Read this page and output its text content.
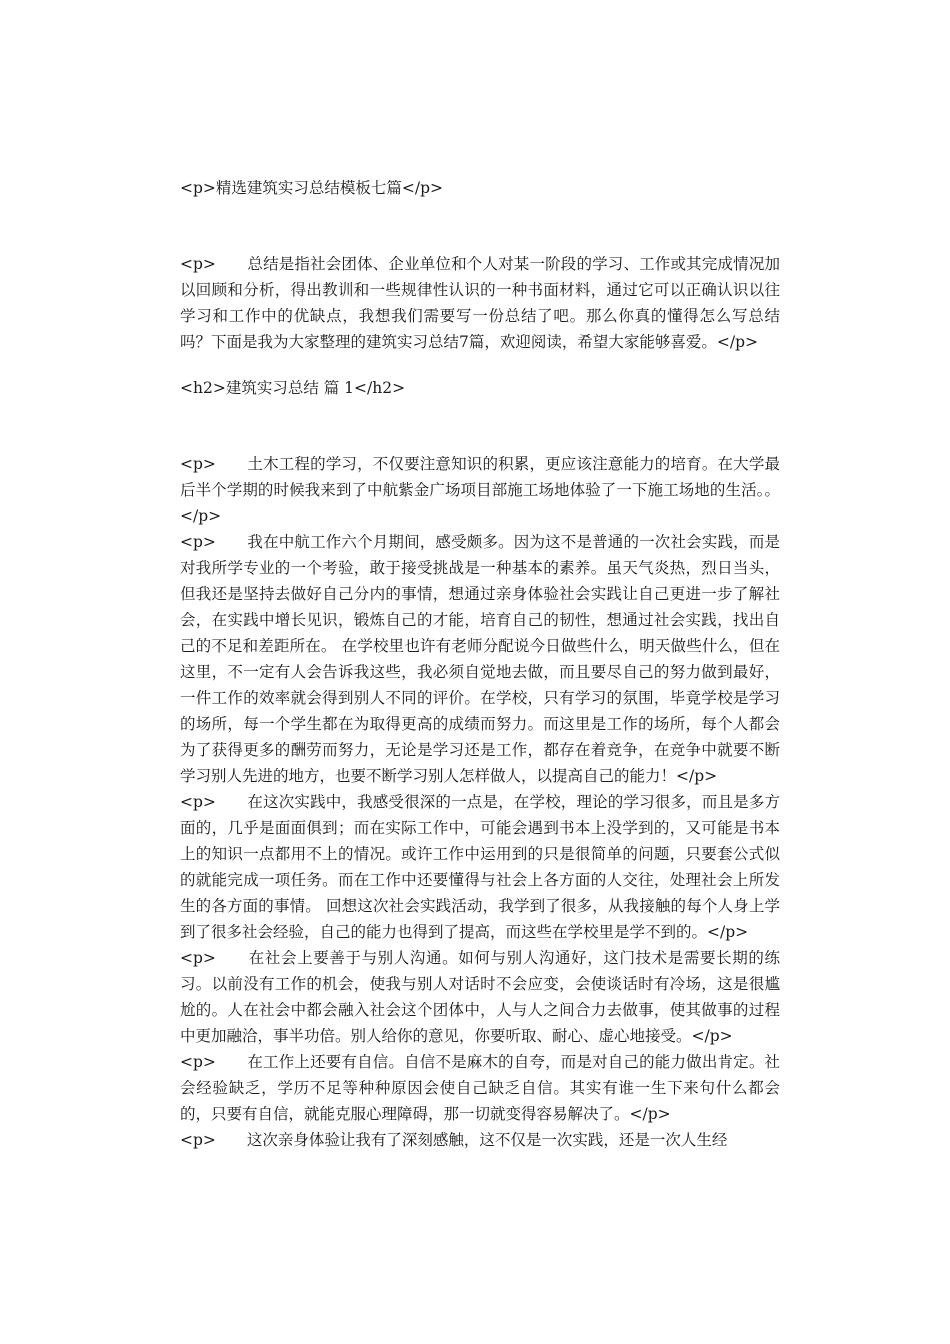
<p>精选建筑实习总结模板七篇</p>

<p>　　总结是指社会团体、企业单位和个人对某一阶段的学习、工作或其完成情况加以回顾和分析，得出教训和一些规律性认识的一种书面材料，通过它可以正确认识以往学习和工作中的优缺点，我想我们需要写一份总结了吧。那么你真的懂得怎么写总结吗？下面是我为大家整理的建筑实习总结7篇，欢迎阅读，希望大家能够喜爱。</p>

<h2>建筑实习总结 篇 1</h2>

<p>　　土木工程的学习，不仅要注意知识的积累，更应该注意能力的培育。在大学最后半个学期的时候我来到了中航紫金广场项目部施工场地体验了一下施工场地的生活。。</p>

<p>　　我在中航工作六个月期间，感受颇多。因为这不是普通的一次社会实践，而是对我所学专业的一个考验，敢于接受挑战是一种基本的素养。虽天气炎热，烈日当头，但我还是坚持去做好自己分内的事情，想通过亲身体验社会实践让自己更进一步了解社会，在实践中增长见识，锻炼自己的才能，培育自己的韧性，想通过社会实践，找出自己的不足和差距所在。 在学校里也许有老师分配说今日做些什么，明天做些什么，但在这里，不一定有人会告诉我这些，我必须自觉地去做，而且要尽自己的努力做到最好，一件工作的效率就会得到别人不同的评价。在学校，只有学习的氛围，毕竟学校是学习的场所，每一个学生都在为取得更高的成绩而努力。而这里是工作的场所，每个人都会为了获得更多的酬劳而努力，无论是学习还是工作，都存在着竞争，在竞争中就要不断学习别人先进的地方，也要不断学习别人怎样做人，以提高自己的能力！</p>

<p>　　在这次实践中，我感受很深的一点是，在学校，理论的学习很多，而且是多方面的，几乎是面面俱到；而在实际工作中，可能会遇到书本上没学到的，又可能是书本上的知识一点都用不上的情况。或许工作中运用到的只是很简单的问题，只要套公式似的就能完成一项任务。而在工作中还要懂得与社会上各方面的人交往，处理社会上所发生的各方面的事情。 回想这次社会实践活动，我学到了很多，从我接触的每个人身上学到了很多社会经验，自己的能力也得到了提高，而这些在学校里是学不到的。</p>

<p>　　在社会上要善于与别人沟通。如何与别人沟通好，这门技术是需要长期的练习。以前没有工作的机会，使我与别人对话时不会应变，会使谈话时有冷场，这是很尴尬的。人在社会中都会融入社会这个团体中，人与人之间合力去做事，使其做事的过程中更加融洽，事半功倍。别人给你的意见，你要听取、耐心、虚心地接受。</p>

<p>　　在工作上还要有自信。自信不是麻木的自夸，而是对自己的能力做出肯定。社会经验缺乏，学历不足等种种原因会使自己缺乏自信。其实有谁一生下来句什么都会的，只要有自信，就能克服心理障碍，那一切就变得容易解决了。</p>

<p>　　这次亲身体验让我有了深刻感触，这不仅是一次实践，还是一次人生经
